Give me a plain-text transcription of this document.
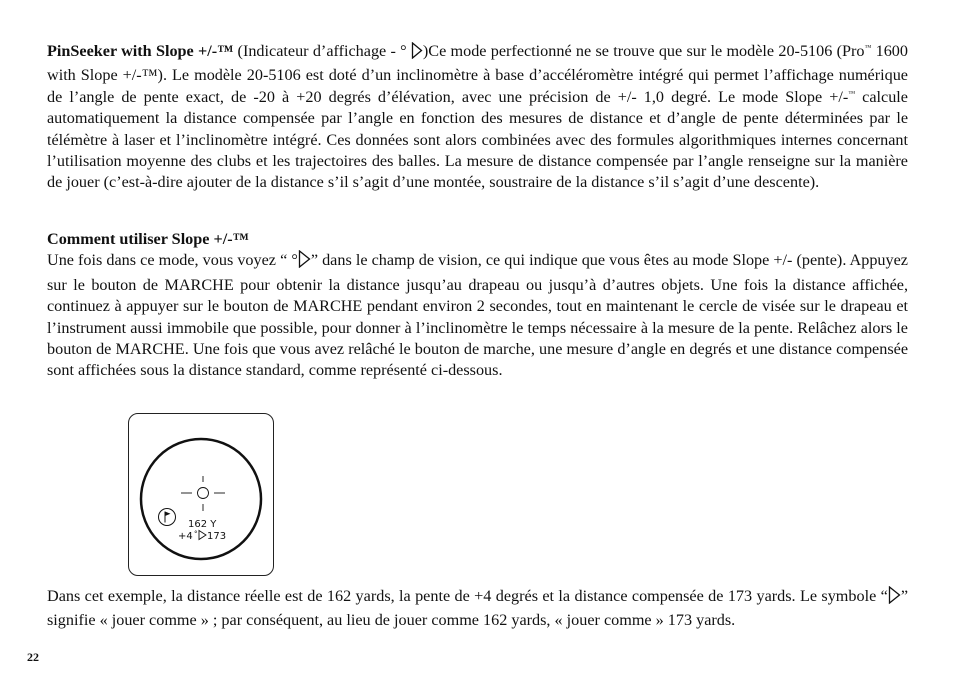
PinSeeker with Slope +/-™ (Indicateur d’affichage - ° )Ce mode perfectionné ne se trouve que sur le modèle 20-5106 (Pro™ 1600 with Slope +/-™). Le modèle 20-5106 est doté d’un inclinomètre à base d’accéléromètre intégré qui permet l’affichage numérique de l’angle de pente exact, de -20 à +20 degrés d’élévation, avec une précision de +/- 1,0 degré. Le mode Slope +/-™ calcule automatiquement la distance compensée par l’angle en fonction des mesures de distance et d’angle de pente déterminées par le télémètre à laser et l’inclinomètre intégré. Ces données sont alors combinées avec des formules algorithmiques internes concernant l’utilisation moyenne des clubs et les trajectoires des balles. La mesure de distance compensée par l’angle renseigne sur la manière de jouer (c’est-à-dire ajouter de la distance s’il s’agit d’une montée, soustraire de la distance s’il s’agit d’une descente).

Comment utiliser Slope +/-™
Une fois dans ce mode, vous voyez “ ° ” dans le champ de vision, ce qui indique que vous êtes au mode Slope +/- (pente). Appuyez sur le bouton de MARCHE pour obtenir la distance jusqu’au drapeau ou jusqu’à d’autres objets. Une fois la distance affichée, continuez à appuyer sur le bouton de MARCHE pendant environ 2 secondes, tout en maintenant le cercle de visée sur le drapeau et l’instrument aussi immobile que possible, pour donner à l’inclinomètre le temps nécessaire à la mesure de la pente. Relâchez alors le bouton de MARCHE. Une fois que vous avez relâché le bouton de marche, une mesure d’angle en degrés et une distance compensée sont affichées sous la distance standard, comme représenté ci-dessous.

162 Y
+4 ° 173

Dans cet exemple, la distance réelle est de 162 yards, la pente de +4 degrés et la distance compensée de 173 yards. Le symbole “ ” signifie « jouer comme » ; par conséquent, au lieu de jouer comme 162 yards, « jouer comme » 173 yards.

22
